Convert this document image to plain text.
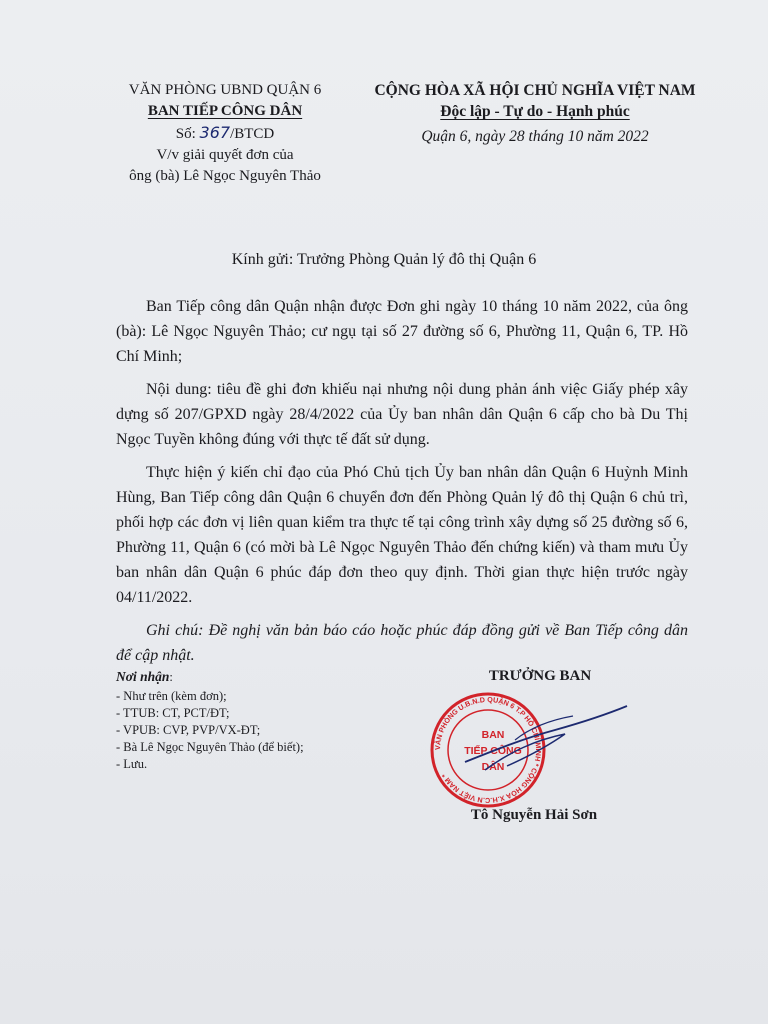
VĂN PHÒNG UBND QUẬN 6
BAN TIẾP CÔNG DÂN
Số: 367/BTCD
V/v giải quyết đơn của
ông (bà) Lê Ngọc Nguyên Thảo
CỘNG HÒA XÃ HỘI CHỦ NGHĨA VIỆT NAM
Độc lập - Tự do - Hạnh phúc
Quận 6, ngày 28 tháng 10 năm 2022
Kính gửi: Trưởng Phòng Quản lý đô thị Quận 6

Ban Tiếp công dân Quận nhận được Đơn ghi ngày 10 tháng 10 năm 2022, của ông (bà): Lê Ngọc Nguyên Thảo; cư ngụ tại số 27 đường số 6, Phường 11, Quận 6, TP. Hồ Chí Minh;

Nội dung: tiêu đề ghi đơn khiếu nại nhưng nội dung phản ánh việc Giấy phép xây dựng số 207/GPXD ngày 28/4/2022 của Ủy ban nhân dân Quận 6 cấp cho bà Du Thị Ngọc Tuyền không đúng với thực tế đất sử dụng.

Thực hiện ý kiến chỉ đạo của Phó Chủ tịch Ủy ban nhân dân Quận 6 Huỳnh Minh Hùng, Ban Tiếp công dân Quận 6 chuyển đơn đến Phòng Quản lý đô thị Quận 6 chủ trì, phối hợp các đơn vị liên quan kiểm tra thực tế tại công trình xây dựng số 25 đường số 6, Phường 11, Quận 6 (có mời bà Lê Ngọc Nguyên Thảo đến chứng kiến) và tham mưu Ủy ban nhân dân Quận 6 phúc đáp đơn theo quy định. Thời gian thực hiện trước ngày 04/11/2022.

Ghi chú: Đề nghị văn bản báo cáo hoặc phúc đáp đồng gửi về Ban Tiếp công dân để cập nhật.

Nơi nhận:
- Như trên (kèm đơn);
- TTUB: CT, PCT/ĐT;
- VPUB: CVP, PVP/VX-ĐT;
- Bà Lê Ngọc Nguyên Thảo (để biết);
- Lưu.
TRƯỞNG BAN
VĂN PHÒNG U.B.N.D QUẬN 6 T.P HỒ CHÍ MINH * CỘNG HÒA X.H.C.N VIỆT NAM *
BAN
TIẾP CÔNG DÂN
Tô Nguyễn Hải Sơn
